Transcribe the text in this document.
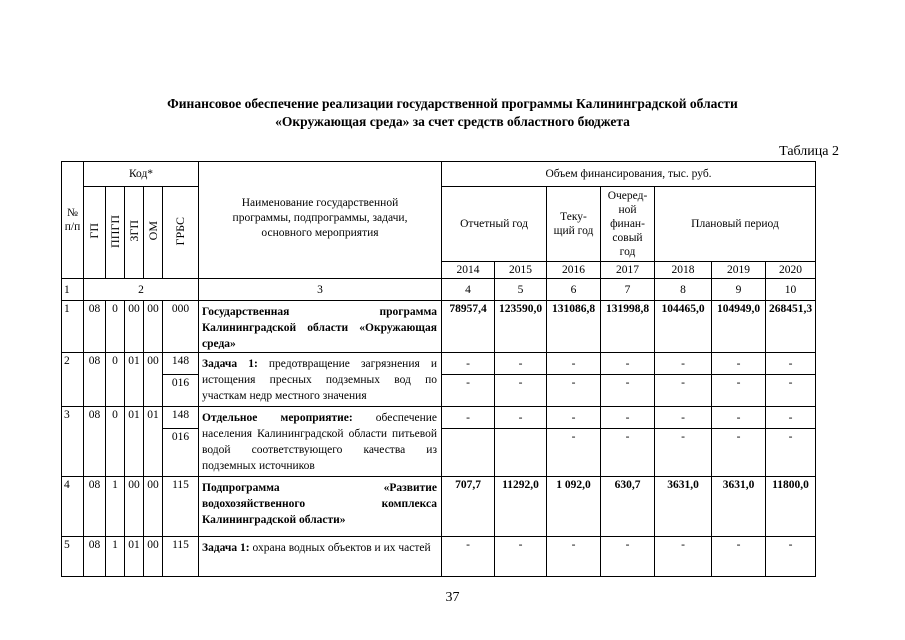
Финансовое обеспечение реализации государственной программы Калининградской области
«Окружающая среда» за счет средств областного бюджета
Таблица 2
№ п/п	Код*					Наименование государственной программы, подпрограммы, задачи, основного мероприятия	Объем финансирования, тыс. руб.						
	ГП	ППГП	ЗГП	ОМ	ГРБС		Отчетный год		Теку-щий год	Очеред-ной финан-совый год	Плановый период		
							2014	2015	2016	2017	2018	2019	2020
1	2					3	4	5	6	7	8	9	10
1	08	0	00	00	000	Государственная программа Калининградской области «Окружающая среда»	78957,4	123590,0	131086,8	131998,8	104465,0	104949,0	268451,3
2	08	0	01	00	148	Задача 1: предотвращение загрязнения и истощения пресных подземных вод по участкам недр местного значения	-	-	-	-	-	-	-
					016		-	-	-	-	-	-	-
3	08	0	01	01	148	Отдельное мероприятие: обеспечение населения Калининградской области питьевой водой соответствующего качества из подземных источников	-	-	-	-	-	-	-
					016				-	-	-	-	-
4	08	1	00	00	115	Подпрограмма «Развитие водохозяйственного комплекса Калининградской области»	707,7	11292,0	1 092,0	630,7	3631,0	3631,0	11800,0
5	08	1	01	00	115	Задача 1: охрана водных объектов и их частей	-	-	-	-	-	-	-
37
